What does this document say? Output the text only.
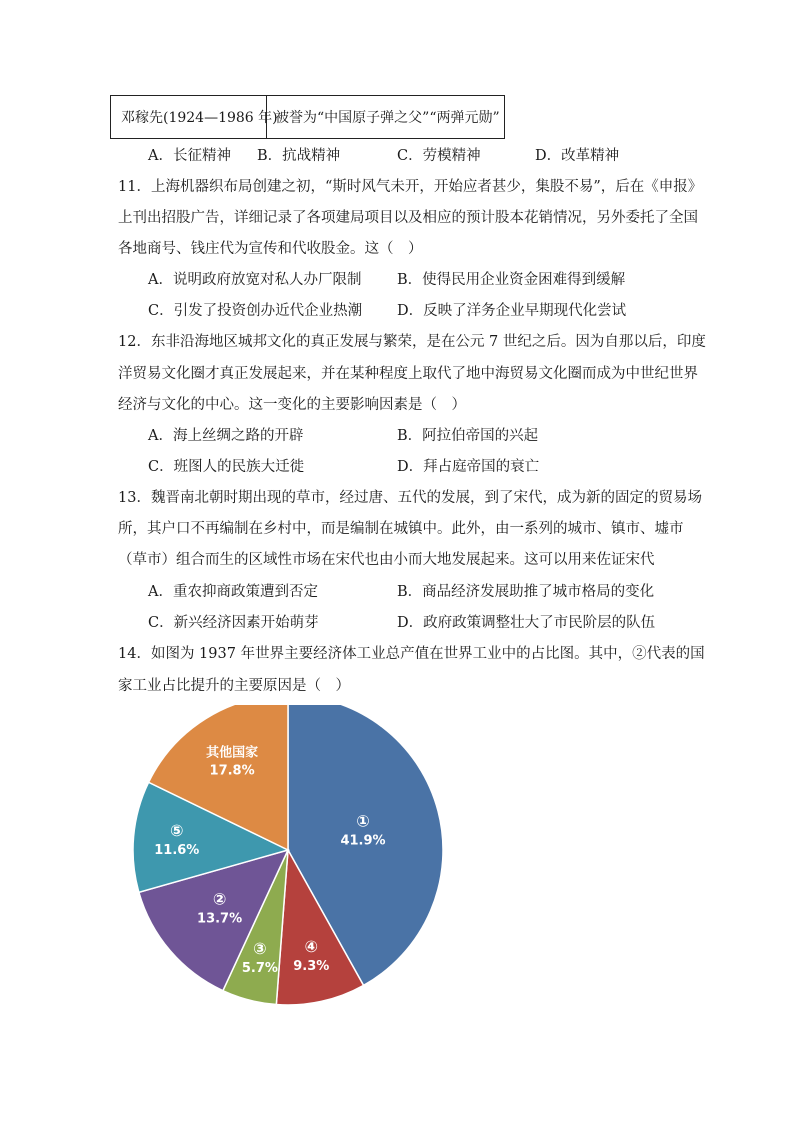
邓稼先(1924—1986 年)
被誉为“中国原子弹之父”“两弹元勋”
A．长征精神 B．抗战精神	C．劳模精神	D．改革精神
11．上海机器织布局创建之初，“斯时风气未开，开始应者甚少，集股不易”，后在《申报》
上刊出招股广告，详细记录了各项建局项目以及相应的预计股本花销情况，另外委托了全国
各地商号、钱庄代为宣传和代收股金。这（　）
A．说明政府放宽对私人办厂限制 B．使得民用企业资金困难得到缓解
C．引发了投资创办近代企业热潮 D．反映了洋务企业早期现代化尝试
12．东非沿海地区城邦文化的真正发展与繁荣，是在公元 7 世纪之后。因为自那以后，印度
洋贸易文化圈才真正发展起来，并在某种程度上取代了地中海贸易文化圈而成为中世纪世界
经济与文化的中心。这一变化的主要影响因素是（　）
A．海上丝绸之路的开辟	B．阿拉伯帝国的兴起
C．班图人的民族大迁徙	D．拜占庭帝国的衰亡
13．魏晋南北朝时期出现的草市，经过唐、五代的发展，到了宋代，成为新的固定的贸易场
所，其户口不再编制在乡村中，而是编制在城镇中。此外，由一系列的城市、镇市、墟市
（草市）组合而生的区域性市场在宋代也由小而大地发展起来。这可以用来佐证宋代
A．重农抑商政策遭到否定	B．商品经济发展助推了城市格局的变化
C．新兴经济因素开始萌芽	D．政府政策调整壮大了市民阶层的队伍
14．如图为 1937 年世界主要经济体工业总产值在世界工业中的占比图。其中，②代表的国
家工业占比提升的主要原因是（　）
①
41.9%
④
9.3%
③
5.7%
②
13.7%
⑤
11.6%
其他国家
17.8%
